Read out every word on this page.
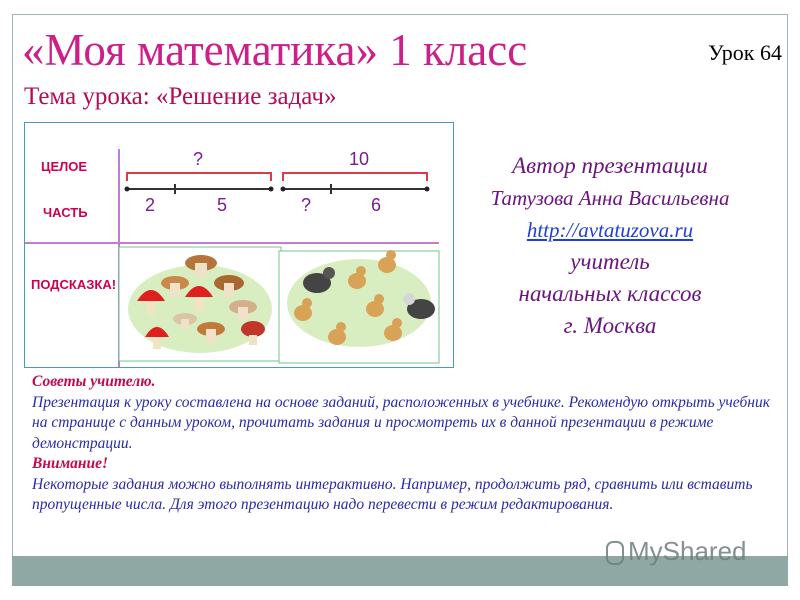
«Моя математика» 1 класс	Урок 64
Тема урока: «Решение задач»
ЦЕЛОЕ
ЧАСТЬ
ПОДСКАЗКА!
?	10
2	5	?	6
Автор презентации
Татузова Анна Васильевна
http://avtatuzova.ru
учитель
начальных классов
г. Москва
Советы учителю.
Презентация к уроку составлена на основе заданий, расположенных в учебнике. Рекомендую открыть учебник на странице с данным уроком, прочитать задания и просмотреть их в данной презентации в режиме демонстрации.
Внимание!
Некоторые задания можно выполнять интерактивно. Например, продолжить ряд, сравнить или вставить пропущенные числа. Для этого презентацию надо перевести в режим редактирования.
MyShared
